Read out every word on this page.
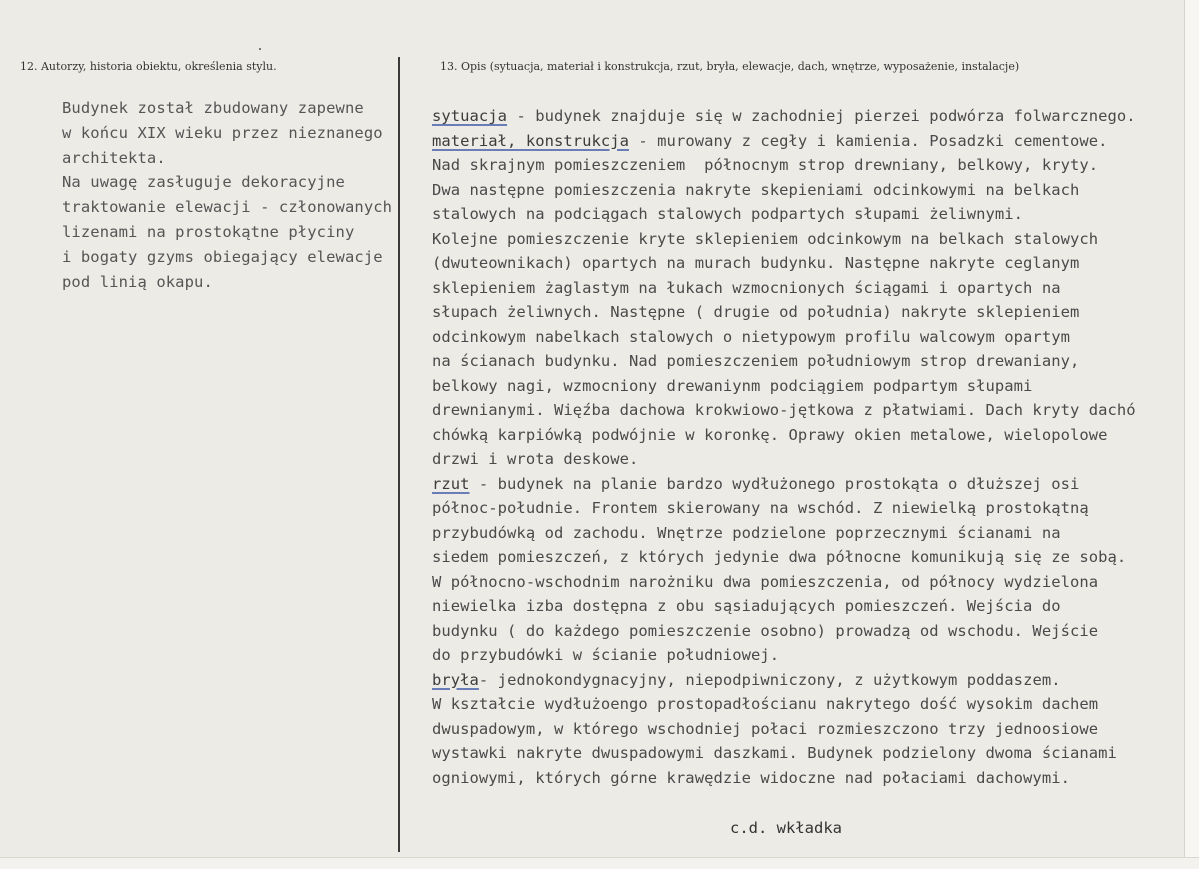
12. Autorzy, historia obiektu, określenia stylu.	13. Opis (sytuacja, materiał i konstrukcja, rzut, bryła, elewacje, dach, wnętrze, wyposażenie, instalacje)
Budynek został zbudowany zapewne
w końcu XIX wieku przez nieznanego
architekta.
Na uwagę zasługuje dekoracyjne
traktowanie elewacji - członowanych
lizenami na prostokątne płyciny
i bogaty gzyms obiegający elewacje
pod linią okapu.
sytuacja - budynek znajduje się w zachodniej pierzei podwórza folwarcznego.
materiał, konstrukcja - murowany z cegły i kamienia. Posadzki cementowe.
Nad skrajnym pomieszczeniem  północnym strop drewniany, belkowy, kryty.
Dwa następne pomieszczenia nakryte skepieniami odcinkowymi na belkach
stalowych na podciągach stalowych podpartych słupami żeliwnymi.
Kolejne pomieszczenie kryte sklepieniem odcinkowym na belkach stalowych
(dwuteownikach) opartych na murach budynku. Następne nakryte ceglanym
sklepieniem żaglastym na łukach wzmocnionych ściągami i opartych na
słupach żeliwnych. Następne ( drugie od południa) nakryte sklepieniem
odcinkowym nabelkach stalowych o nietypowym profilu walcowym opartym
na ścianach budynku. Nad pomieszczeniem południowym strop drewaniany,
belkowy nagi, wzmocniony drewaniynm podciągiem podpartym słupami
drewnianymi. Więźba dachowa krokwiowo-jętkowa z płatwiami. Dach kryty dachó
chówką karpiówką podwójnie w koronkę. Oprawy okien metalowe, wielopolowe
drzwi i wrota deskowe.
rzut - budynek na planie bardzo wydłużonego prostokąta o dłuższej osi
północ-południe. Frontem skierowany na wschód. Z niewielką prostokątną
przybudówką od zachodu. Wnętrze podzielone poprzecznymi ścianami na
siedem pomieszczeń, z których jedynie dwa północne komunikują się ze sobą.
W północno-wschodnim narożniku dwa pomieszczenia, od północy wydzielona
niewielka izba dostępna z obu sąsiadujących pomieszczeń. Wejścia do
budynku ( do każdego pomieszczenie osobno) prowadzą od wschodu. Wejście
do przybudówki w ścianie południowej.
bryła- jednokondygnacyjny, niepodpiwniczony, z użytkowym poddaszem.
W kształcie wydłużoengo prostopadłościanu nakrytego dość wysokim dachem
dwuspadowym, w którego wschodniej połaci rozmieszczono trzy jednoosiowe
wystawki nakryte dwuspadowymi daszkami. Budynek podzielony dwoma ścianami
ogniowymi, których górne krawędzie widoczne nad połaciami dachowymi.
c.d. wkładka
